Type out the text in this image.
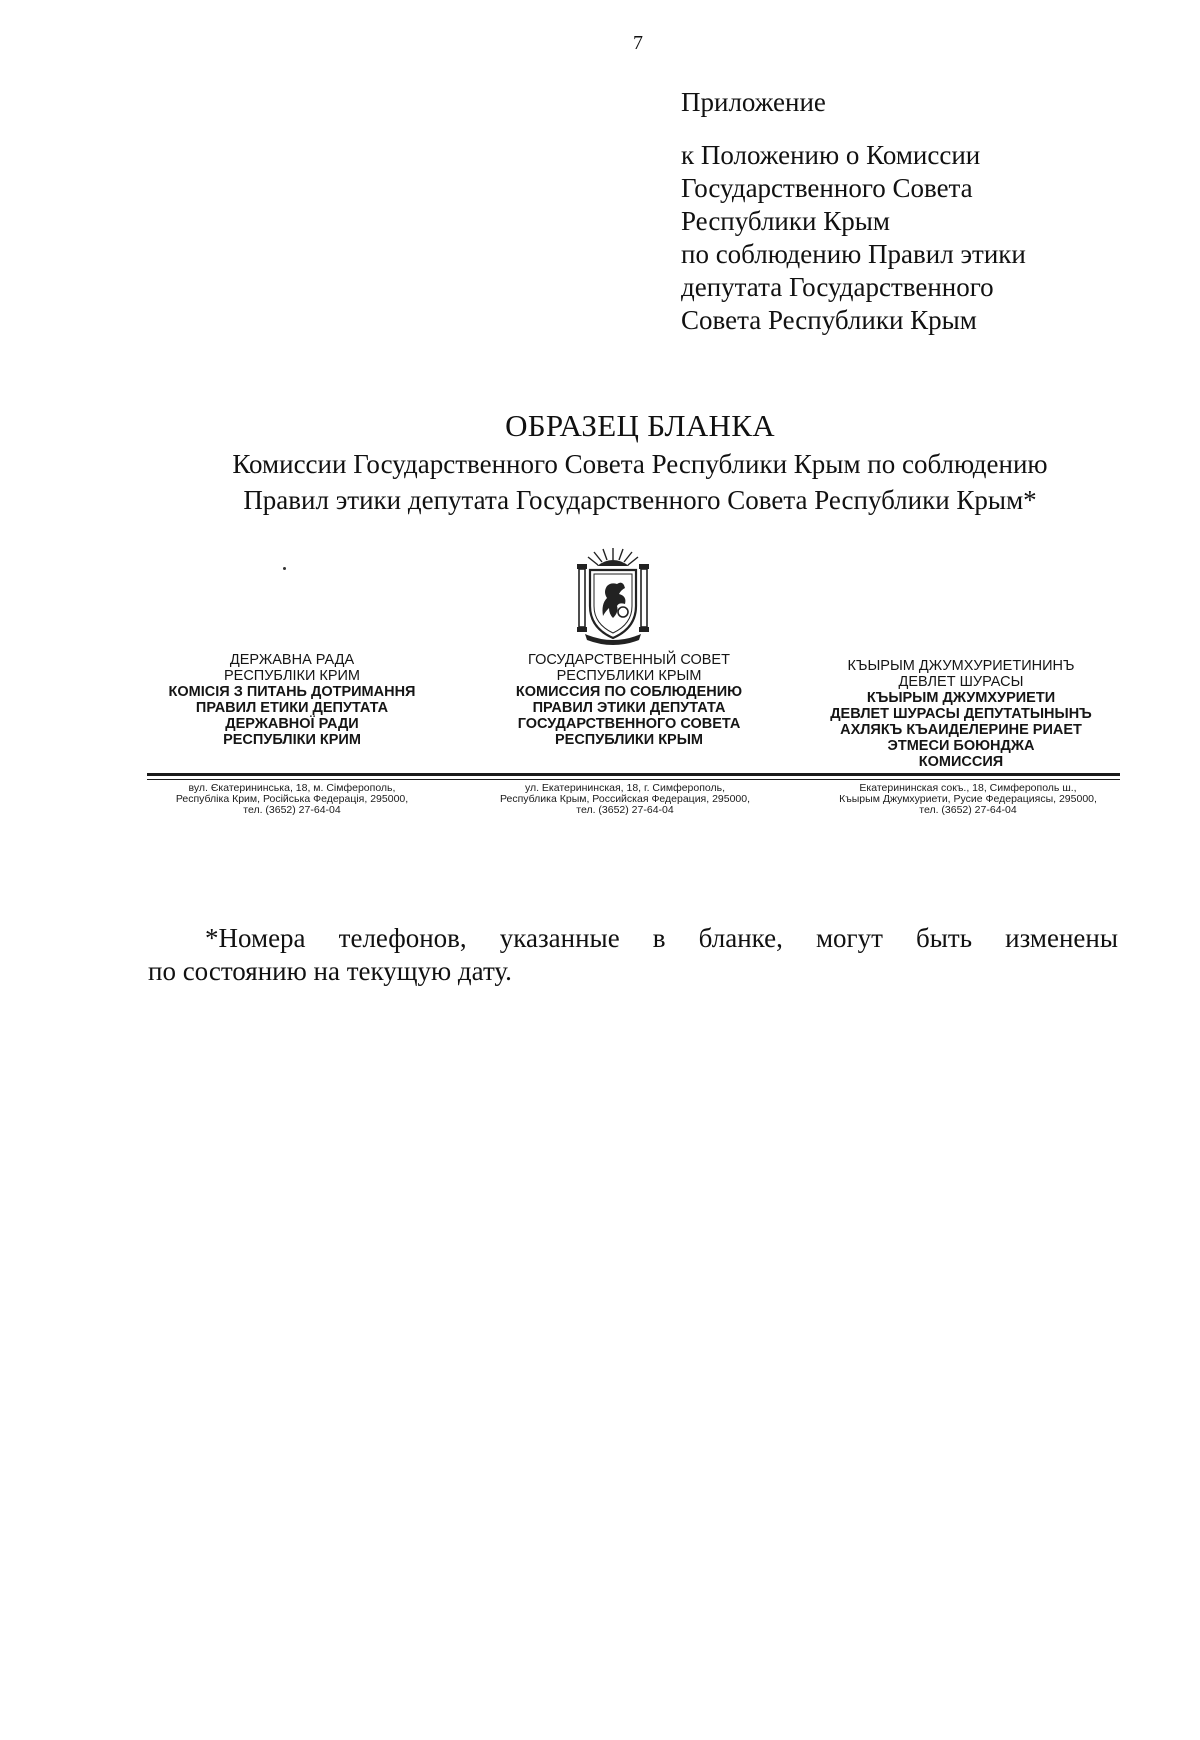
7
Приложение
к Положению о Комиссии
Государственного Совета
Республики Крым
по соблюдению Правил этики
депутата Государственного
Совета Республики Крым
ОБРАЗЕЦ БЛАНКА
Комиссии Государственного Совета Республики Крым по соблюдению
Правил этики депутата Государственного Совета Республики Крым*
ДЕРЖАВНА РАДА
РЕСПУБЛІКИ КРИМ
КОМІСІЯ З ПИТАНЬ ДОТРИМАННЯ
ПРАВИЛ ЕТИКИ ДЕПУТАТА
ДЕРЖАВНОЇ РАДИ
РЕСПУБЛІКИ КРИМ
ГОСУДАРСТВЕННЫЙ СОВЕТ
РЕСПУБЛИКИ КРЫМ
КОМИССИЯ ПО СОБЛЮДЕНИЮ
ПРАВИЛ ЭТИКИ ДЕПУТАТА
ГОСУДАРСТВЕННОГО СОВЕТА
РЕСПУБЛИКИ КРЫМ
КЪЫРЫМ ДЖУМХУРИЕТИНИНЪ
ДЕВЛЕТ ШУРАСЫ
КЪЫРЫМ ДЖУМХУРИЕТИ
ДЕВЛЕТ ШУРАСЫ ДЕПУТАТЫНЫНЪ
АХЛЯКЪ КЪАИДЕЛЕРИНЕ РИАЕТ
ЭТМЕСИ БОЮНДЖА
КОМИССИЯ
вул. Єкатерининська, 18, м. Сімферополь,
Республіка Крим, Російська Федерація, 295000,
тел. (3652) 27-64-04
ул. Екатерининская, 18, г. Симферополь,
Республика Крым, Российская Федерация, 295000,
тел. (3652) 27-64-04
Екатерининская сокъ., 18, Симферополь ш.,
Къырым Джумхуриети, Русие Федерациясы, 295000,
тел. (3652) 27-64-04
*Номера телефонов, указанные в бланке, могут быть изменены
по состоянию на текущую дату.
